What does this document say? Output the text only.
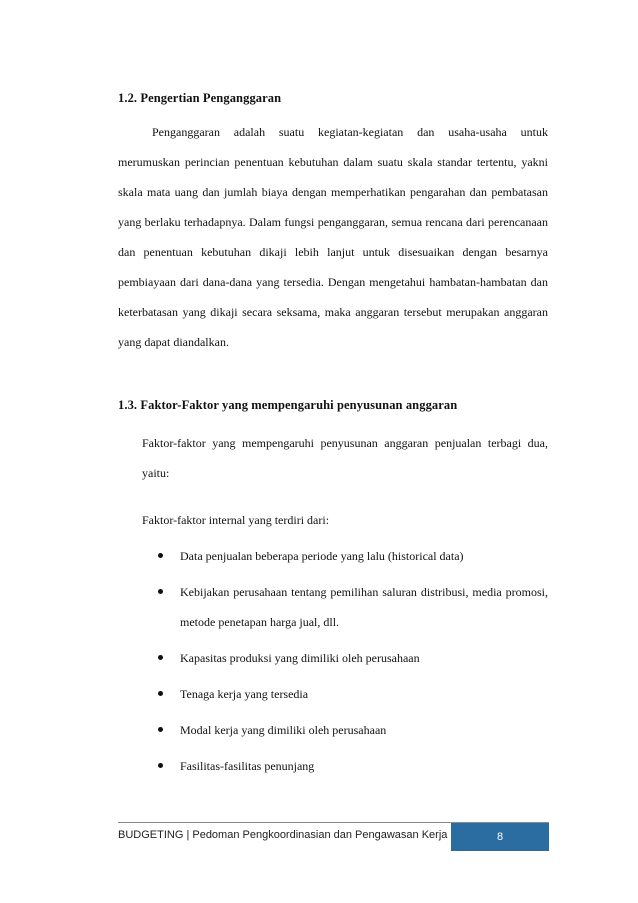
1.2. Pengertian Penganggaran
Penganggaran adalah suatu kegiatan-kegiatan dan usaha-usaha untuk merumuskan perincian penentuan kebutuhan dalam suatu skala standar tertentu, yakni skala mata uang dan jumlah biaya dengan memperhatikan pengarahan dan pembatasan yang berlaku terhadapnya. Dalam fungsi penganggaran, semua rencana dari perencanaan dan penentuan kebutuhan dikaji lebih lanjut untuk disesuaikan dengan besarnya pembiayaan dari dana-dana yang tersedia. Dengan mengetahui hambatan-hambatan dan keterbatasan yang dikaji secara seksama, maka anggaran tersebut merupakan anggaran yang dapat diandalkan.
1.3. Faktor-Faktor yang mempengaruhi penyusunan anggaran
Faktor-faktor yang mempengaruhi penyusunan anggaran penjualan terbagi dua, yaitu:
Faktor-faktor internal yang terdiri dari:
Data penjualan beberapa periode yang lalu (historical data)
Kebijakan perusahaan tentang pemilihan saluran distribusi, media promosi, metode penetapan harga jual, dll.
Kapasitas produksi yang dimiliki oleh perusahaan
Tenaga kerja yang tersedia
Modal kerja yang dimiliki oleh perusahaan
Fasilitas-fasilitas penunjang
BUDGETING | Pedoman Pengkoordinasian dan Pengawasan Kerja	8
